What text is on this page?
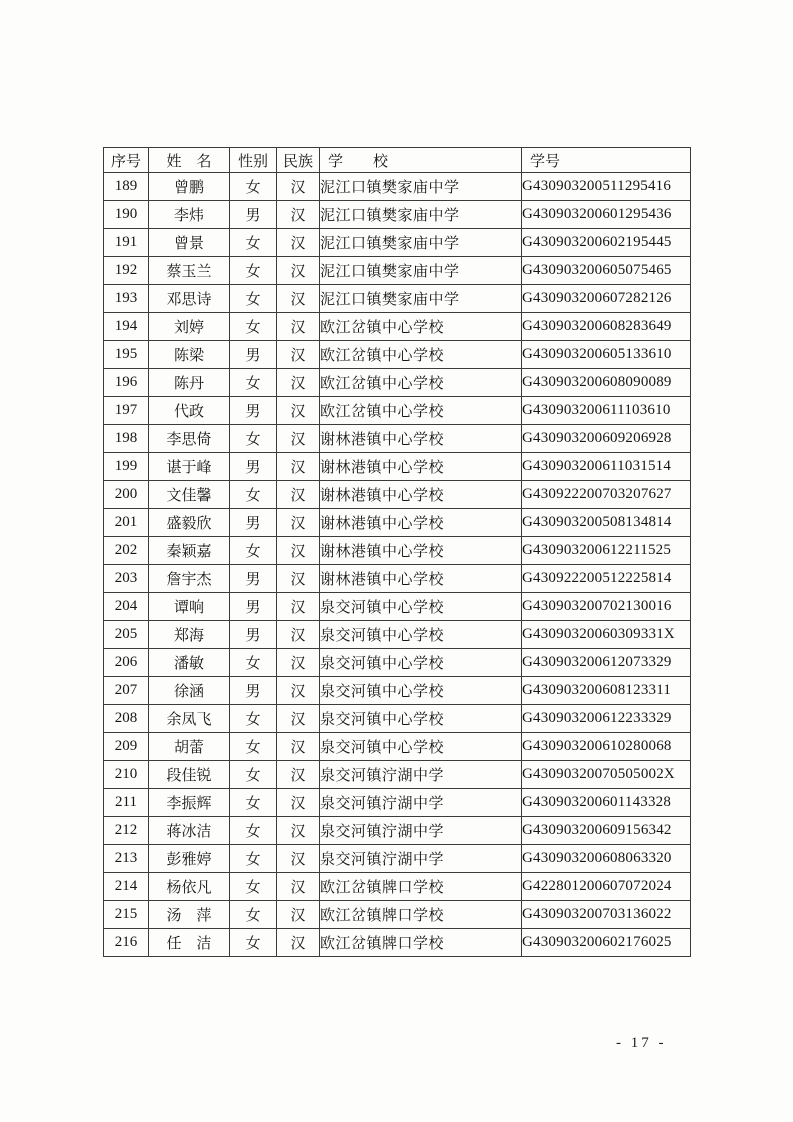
序号	姓　名	性别	民族	学　　校	学号
189	曾鹏	女	汉	泥江口镇樊家庙中学	G430903200511295416
190	李炜	男	汉	泥江口镇樊家庙中学	G430903200601295436
191	曾景	女	汉	泥江口镇樊家庙中学	G430903200602195445
192	蔡玉兰	女	汉	泥江口镇樊家庙中学	G430903200605075465
193	邓思诗	女	汉	泥江口镇樊家庙中学	G430903200607282126
194	刘婷	女	汉	欧江岔镇中心学校	G430903200608283649
195	陈梁	男	汉	欧江岔镇中心学校	G430903200605133610
196	陈丹	女	汉	欧江岔镇中心学校	G430903200608090089
197	代政	男	汉	欧江岔镇中心学校	G430903200611103610
198	李思倚	女	汉	谢林港镇中心学校	G430903200609206928
199	谌于峰	男	汉	谢林港镇中心学校	G430903200611031514
200	文佳馨	女	汉	谢林港镇中心学校	G430922200703207627
201	盛毅欣	男	汉	谢林港镇中心学校	G430903200508134814
202	秦颖嘉	女	汉	谢林港镇中心学校	G430903200612211525
203	詹宇杰	男	汉	谢林港镇中心学校	G430922200512225814
204	谭响	男	汉	泉交河镇中心学校	G430903200702130016
205	郑海	男	汉	泉交河镇中心学校	G43090320060309331X
206	潘敏	女	汉	泉交河镇中心学校	G430903200612073329
207	徐涵	男	汉	泉交河镇中心学校	G430903200608123311
208	余凤飞	女	汉	泉交河镇中心学校	G430903200612233329
209	胡蕾	女	汉	泉交河镇中心学校	G430903200610280068
210	段佳锐	女	汉	泉交河镇泞湖中学	G43090320070505002X
211	李振辉	女	汉	泉交河镇泞湖中学	G430903200601143328
212	蒋冰洁	女	汉	泉交河镇泞湖中学	G430903200609156342
213	彭雅婷	女	汉	泉交河镇泞湖中学	G430903200608063320
214	杨依凡	女	汉	欧江岔镇牌口学校	G422801200607072024
215	汤　萍	女	汉	欧江岔镇牌口学校	G430903200703136022
216	任　洁	女	汉	欧江岔镇牌口学校	G430903200602176025
- 17 -
